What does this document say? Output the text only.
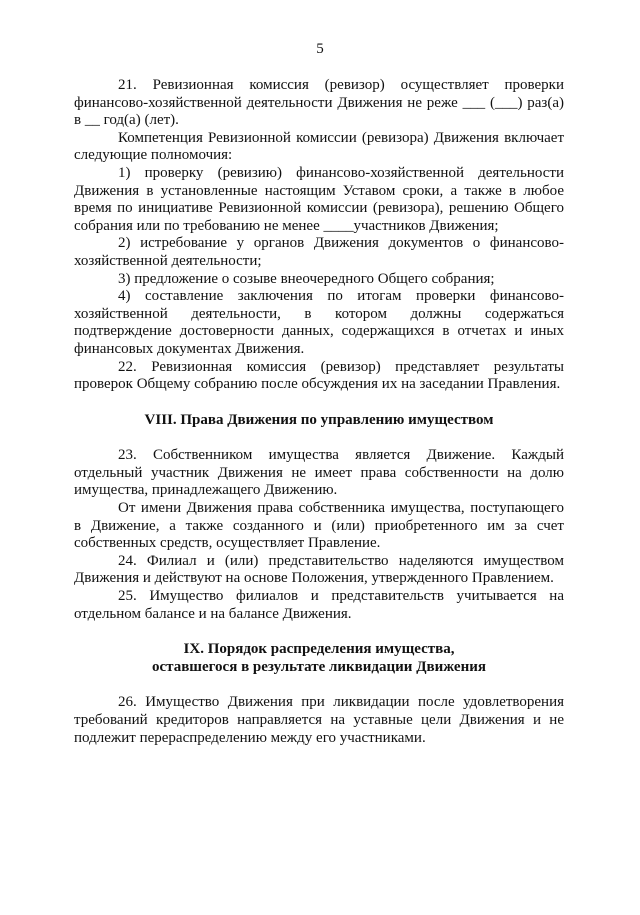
5

21. Ревизионная комиссия (ревизор) осуществляет проверки финансово-хозяйственной деятельности Движения не реже ___ (___) раз(а) в __ год(а) (лет).

Компетенция Ревизионной комиссии (ревизора) Движения включает следующие полномочия:

1) проверку (ревизию) финансово-хозяйственной деятельности Движения в установленные настоящим Уставом сроки, а также в любое время по инициативе Ревизионной комиссии (ревизора), решению Общего собрания или по требованию не менее ____участников Движения;

2) истребование у органов Движения документов о финансово-хозяйственной деятельности;

3) предложение о созыве внеочередного Общего собрания;

4) составление заключения по итогам проверки финансово-хозяйственной деятельности, в котором должны содержаться подтверждение достоверности данных, содержащихся в отчетах и иных финансовых документах Движения.

22. Ревизионная комиссия (ревизор) представляет результаты проверок Общему собранию после обсуждения их на заседании Правления.

VIII. Права Движения по управлению имуществом

23. Собственником имущества является Движение. Каждый отдельный участник Движения не имеет права собственности на долю имущества, принадлежащего Движению.

От имени Движения права собственника имущества, поступающего в Движение, а также созданного и (или) приобретенного им за счет собственных средств, осуществляет Правление.

24. Филиал и (или) представительство наделяются имуществом Движения и действуют на основе Положения, утвержденного Правлением.

25. Имущество филиалов и представительств учитывается на отдельном балансе и на балансе Движения.

IX. Порядок распределения имущества,

оставшегося в результате ликвидации Движения

26. Имущество Движения при ликвидации после удовлетворения требований кредиторов направляется на уставные цели Движения и не подлежит перераспределению между его участниками.
